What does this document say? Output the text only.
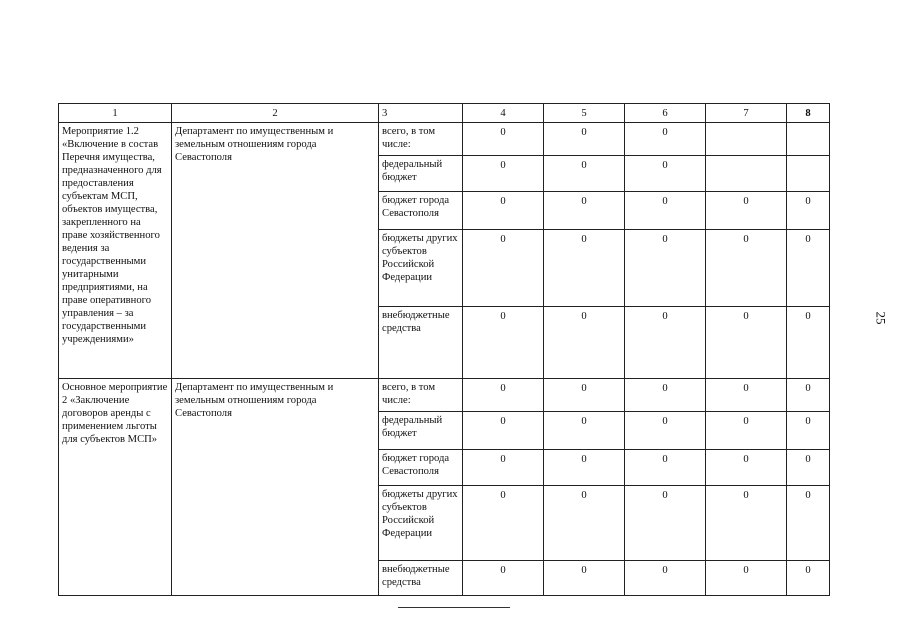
1	2	3	4	5	6	7	8
Мероприятие 1.2 «Включение в состав Перечня имущества, предназначенного для предоставления субъектам МСП, объектов имущества, закрепленного на праве хозяйственного ведения за государственными унитарными предприятиями, на праве оперативного управления – за государственными учреждениями»	Департамент по имущественным и земельным отношениям города Севастополя	всего, в том числе:	0	0	0		
		федеральный бюджет	0	0	0		
		бюджет города Севастополя	0	0	0	0	0
		бюджеты других субъектов Российской Федерации	0	0	0	0	0
		внебюджетные средства	0	0	0	0	0
Основное мероприятие 2 «Заключение договоров аренды с применением льготы для субъектов МСП»	Департамент по имущественным и земельным отношениям города Севастополя	всего, в том числе:	0	0	0	0	0
		федеральный бюджет	0	0	0	0	0
		бюджет города Севастополя	0	0	0	0	0
		бюджеты других субъектов Российской Федерации	0	0	0	0	0
		внебюджетные средства	0	0	0	0	0
25
